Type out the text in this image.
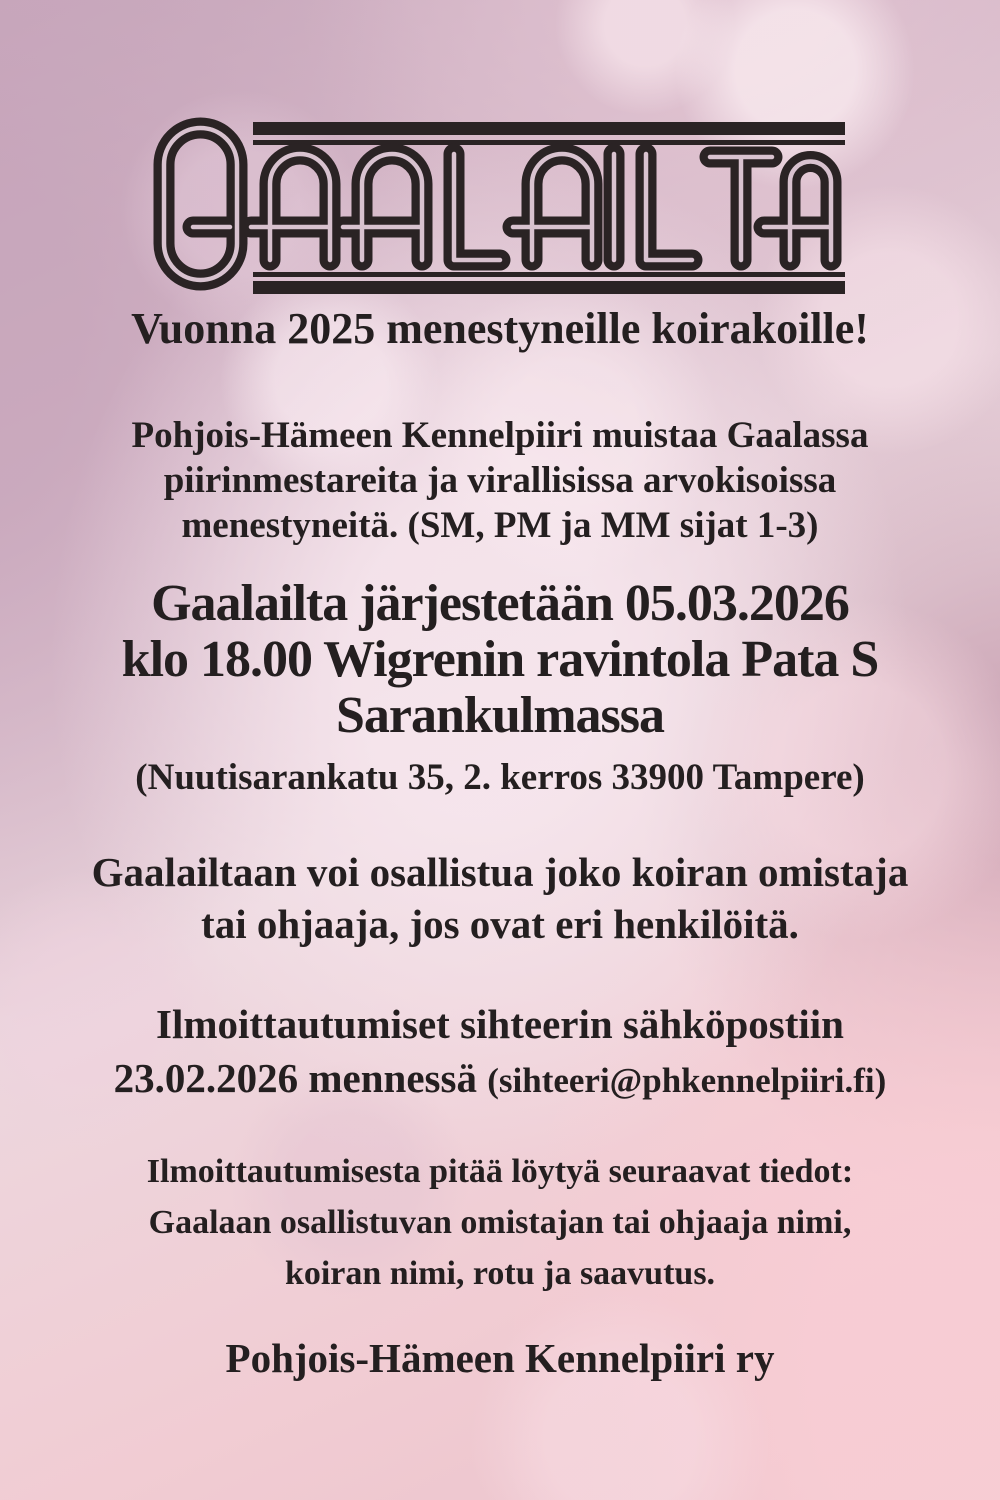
Vuonna 2025 menestyneille koirakoille!

Pohjois-Hämeen Kennelpiiri muistaa Gaalassa
piirinmestareita ja virallisissa arvokisoissa
menestyneitä. (SM, PM ja MM sijat 1-3)

Gaalailta järjestetään 05.03.2026
klo 18.00 Wigrenin ravintola Pata S
Sarankulmassa

(Nuutisarankatu 35, 2. kerros 33900 Tampere)

Gaalailtaan voi osallistua joko koiran omistaja
tai ohjaaja, jos ovat eri henkilöitä.

Ilmoittautumiset sihteerin sähköpostiin
23.02.2026 mennessä (sihteeri@phkennelpiiri.fi)

Ilmoittautumisesta pitää löytyä seuraavat tiedot:
Gaalaan osallistuvan omistajan tai ohjaaja nimi,
koiran nimi, rotu ja saavutus.

Pohjois-Hämeen Kennelpiiri ry
